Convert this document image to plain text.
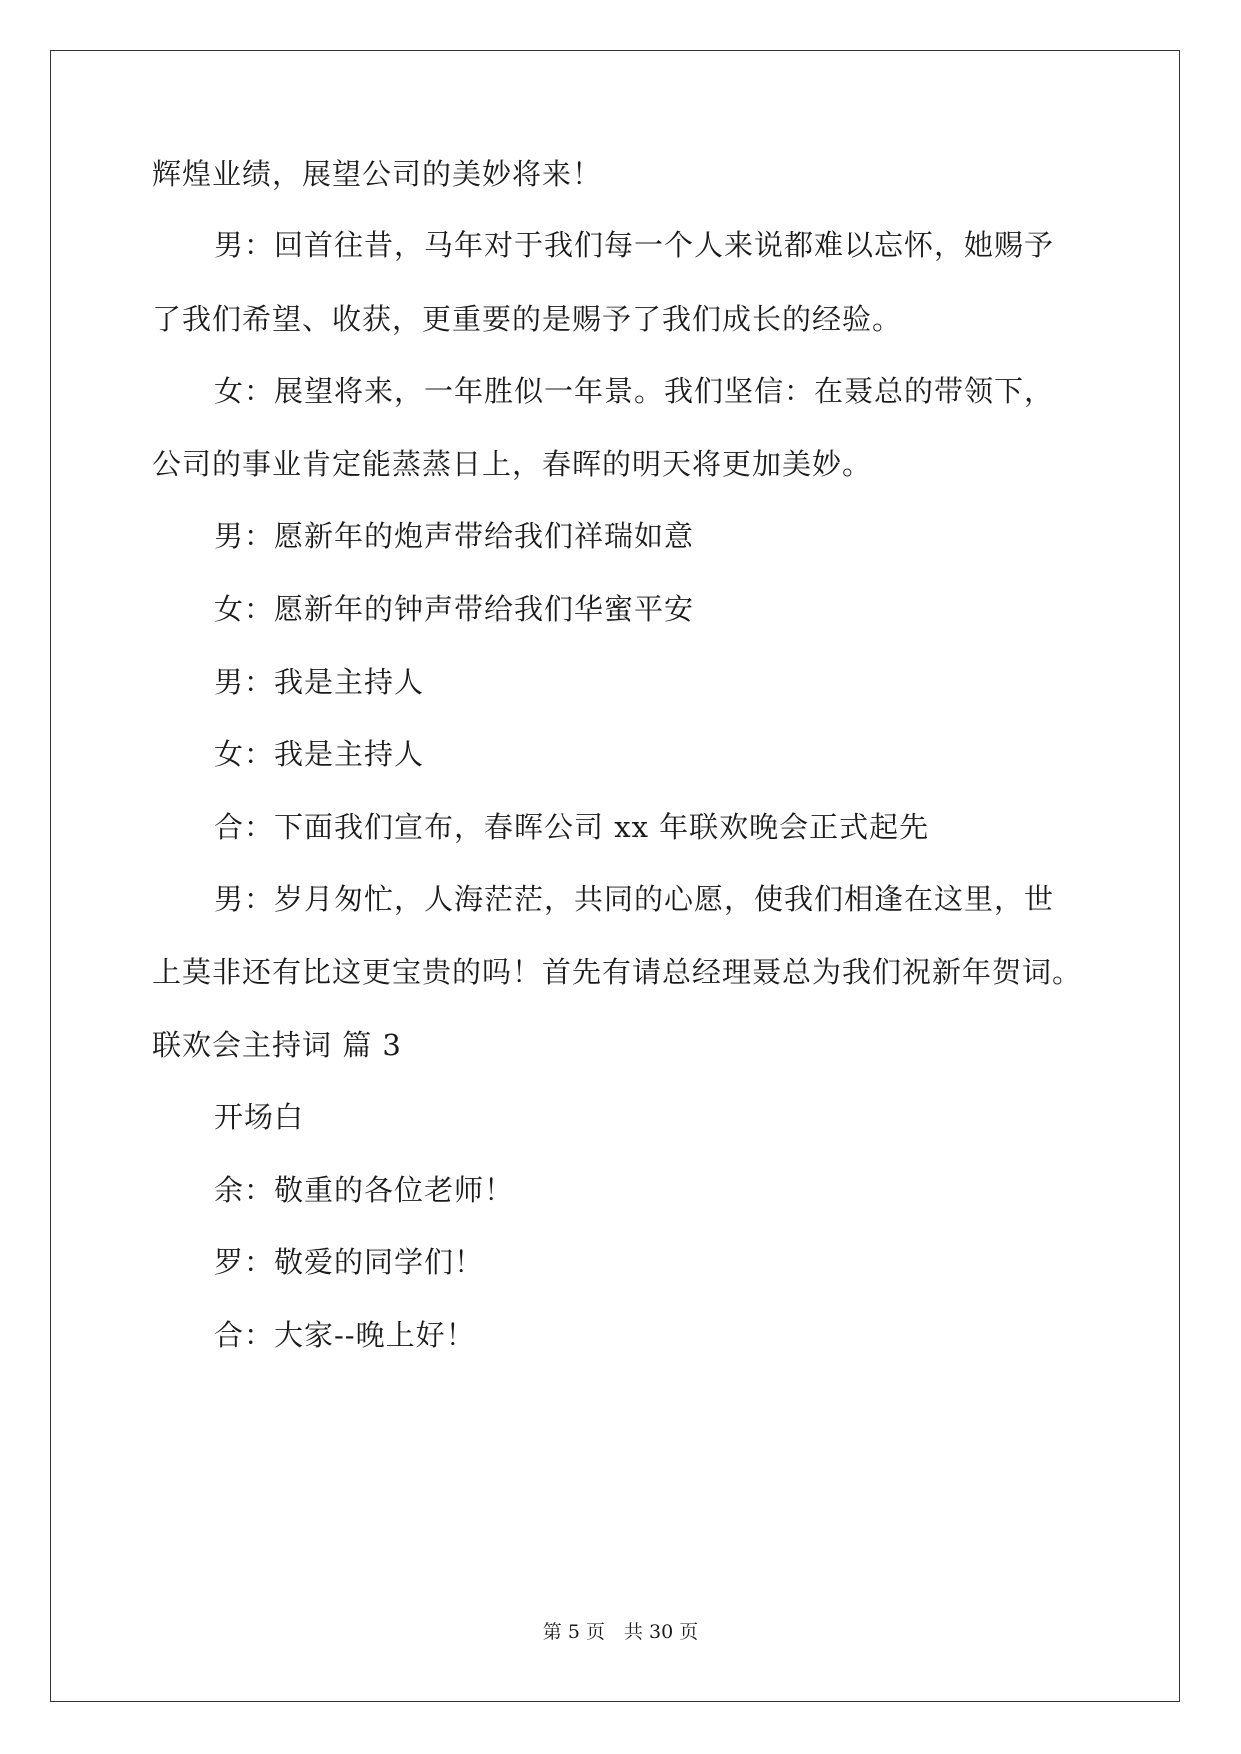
辉煌业绩，展望公司的美妙将来！
男：回首往昔，马年对于我们每一个人来说都难以忘怀，她赐予
了我们希望、收获，更重要的是赐予了我们成长的经验。
女：展望将来，一年胜似一年景。我们坚信：在聂总的带领下，
公司的事业肯定能蒸蒸日上，春晖的明天将更加美妙。
男：愿新年的炮声带给我们祥瑞如意
女：愿新年的钟声带给我们华蜜平安
男：我是主持人
女：我是主持人
合：下面我们宣布，春晖公司 xx 年联欢晚会正式起先
男：岁月匆忙，人海茫茫，共同的心愿，使我们相逢在这里，世
上莫非还有比这更宝贵的吗！首先有请总经理聂总为我们祝新年贺词。
联欢会主持词 篇 3
开场白
余：敬重的各位老师！
罗：敬爱的同学们！
合：大家--晚上好！
第 5 页　共 30 页
